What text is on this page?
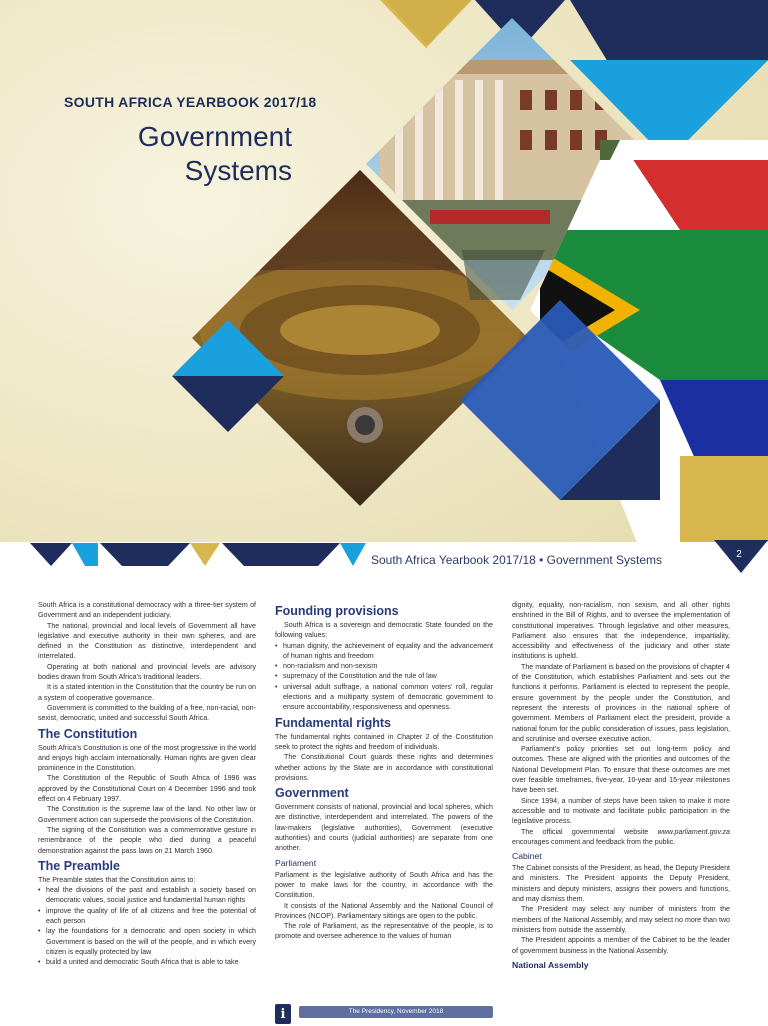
SOUTH AFRICA YEARBOOK 2017/18
Government Systems
South Africa Yearbook 2017/18 • Government Systems	2

South Africa is a constitutional democracy with a three-tier system of Government and an independent judiciary.

The national, provincial and local levels of Government all have legislative and executive authority in their own spheres, and are defined in the Constitution as distinctive, interdependent and interrelated.

Operating at both national and provincial levels are advisory bodies drawn from South Africa’s traditional leaders.

It is a stated intention in the Constitution that the country be run on a system of cooperative governance.

Government is committed to the building of a free, non-racial, non-sexist, democratic, united and successful South Africa.

The Constitution

South Africa’s Constitution is one of the most progressive in the world and enjoys high acclaim internationally. Human rights are given clear prominence in the Constitution.

The Constitution of the Republic of South Africa of 1996 was approved by the Constitutional Court on 4 December 1996 and took effect on 4 February 1997.

The Constitution is the supreme law of the land. No other law or Government action can supersede the provisions of the Constitution.

The signing of the Constitution was a commemorative gesture in remembrance of the people who died during a peaceful demonstration against the pass laws on 21 March 1960.

The Preamble

The Preamble states that the Constitution aims to:

• heal the divisions of the past and establish a society based on democratic values, social justice and fundamental human rights
• improve the quality of life of all citizens and free the potential of each person
• lay the foundations for a democratic and open society in which Government is based on the will of the people, and in which every citizen is equally protected by law
• build a united and democratic South Africa that is able to take
Founding provisions

South Africa is a sovereign and democratic State founded on the following values:

• human dignity, the achievement of equality and the advancement of human rights and freedom
• non-racialism and non-sexism
• supremacy of the Constitution and the rule of law
• universal adult suffrage, a national common voters’ roll, regular elections and a multiparty system of democratic government to ensure accountability, responsiveness and openness.
Fundamental rights

The fundamental rights contained in Chapter 2 of the Constitution seek to protect the rights and freedom of individuals.

The Constitutional Court guards these rights and determines whether actions by the State are in accordance with constitutional provisions.

Government

Government consists of national, provincial and local spheres, which are distinctive, interdependent and interrelated. The powers of the law-makers (legislative authorities), Government (executive authorities) and courts (judicial authorities) are separate from one another.

Parliament

Parliament is the legislative authority of South Africa and has the power to make laws for the country, in accordance with the Constitution.

It consists of the National Assembly and the National Council of Provinces (NCOP). Parliamentary sittings are open to the public.

The role of Parliament, as the representative of the people, is to promote and oversee adherence to the values of human

dignity, equality, non-racialism, non sexism, and all other rights enshrined in the Bill of Rights, and to oversee the implementation of constitutional imperatives. Through legislative and other measures, Parliament also ensures that the independence, impartiality, accessibility and effectiveness of the judiciary and other state institutions is upheld.

The mandate of Parliament is based on the provisions of chapter 4 of the Constitution, which establishes Parliament and sets out the functions it performs. Parliament is elected to represent the people, ensure government by the people under the Constitution, and represent the interests of provinces in the national sphere of government. Members of Parliament elect the president, provide a national forum for the public consideration of issues, pass legislation, and scrutinise and oversee executive action.

Parliament’s policy priorities set out long-term policy and outcomes. These are aligned with the priorities and outcomes of the National Development Plan. To ensure that these outcomes are met over feasible timeframes, five-year, 10-year and 15-year milestones have been set.

Since 1994, a number of steps have been taken to make it more accessible and to motivate and facilitate public participation in the legislative process.

The official governmental website www.parliament.gov.za encourages comment and feedback from the public.

Cabinet

The Cabinet consists of the President, as head, the Deputy President and ministers. The President appoints the Deputy President, ministers and deputy ministers, assigns their powers and functions, and may dismiss them.

The President may select any number of ministers from the members of the National Assembly, and may select no more than two ministers from outside the assembly.

The President appoints a member of the Cabinet to be the leader of government business in the National Assembly.

National Assembly
i	The Presidency, November 2018
